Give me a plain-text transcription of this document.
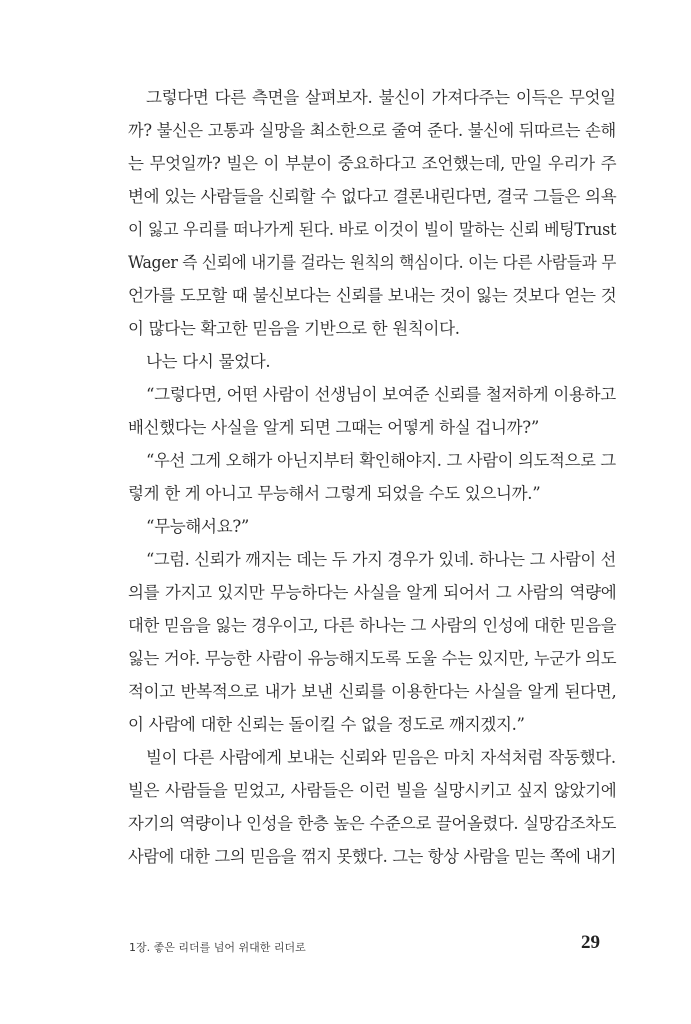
그렇다면 다른 측면을 살펴보자. 불신이 가져다주는 이득은 무엇일
까? 불신은 고통과 실망을 최소한으로 줄여 준다. 불신에 뒤따르는 손해
는 무엇일까? 빌은 이 부분이 중요하다고 조언했는데, 만일 우리가 주
변에 있는 사람들을 신뢰할 수 없다고 결론내린다면, 결국 그들은 의욕
이 잃고 우리를 떠나가게 된다. 바로 이것이 빌이 말하는 신뢰 베팅Trust
Wager 즉 신뢰에 내기를 걸라는 원칙의 핵심이다. 이는 다른 사람들과 무
언가를 도모할 때 불신보다는 신뢰를 보내는 것이 잃는 것보다 얻는 것
이 많다는 확고한 믿음을 기반으로 한 원칙이다.
나는 다시 물었다.
“그렇다면, 어떤 사람이 선생님이 보여준 신뢰를 철저하게 이용하고
배신했다는 사실을 알게 되면 그때는 어떻게 하실 겁니까?”
“우선 그게 오해가 아닌지부터 확인해야지. 그 사람이 의도적으로 그
렇게 한 게 아니고 무능해서 그렇게 되었을 수도 있으니까.”
“무능해서요?”
“그럼. 신뢰가 깨지는 데는 두 가지 경우가 있네. 하나는 그 사람이 선
의를 가지고 있지만 무능하다는 사실을 알게 되어서 그 사람의 역량에
대한 믿음을 잃는 경우이고, 다른 하나는 그 사람의 인성에 대한 믿음을
잃는 거야. 무능한 사람이 유능해지도록 도울 수는 있지만, 누군가 의도
적이고 반복적으로 내가 보낸 신뢰를 이용한다는 사실을 알게 된다면,
이 사람에 대한 신뢰는 돌이킬 수 없을 정도로 깨지겠지.”
빌이 다른 사람에게 보내는 신뢰와 믿음은 마치 자석처럼 작동했다.
빌은 사람들을 믿었고, 사람들은 이런 빌을 실망시키고 싶지 않았기에
자기의 역량이나 인성을 한층 높은 수준으로 끌어올렸다. 실망감조차도
사람에 대한 그의 믿음을 꺾지 못했다. 그는 항상 사람을 믿는 쪽에 내기
1장. 좋은 리더를 넘어 위대한 리더로	29
